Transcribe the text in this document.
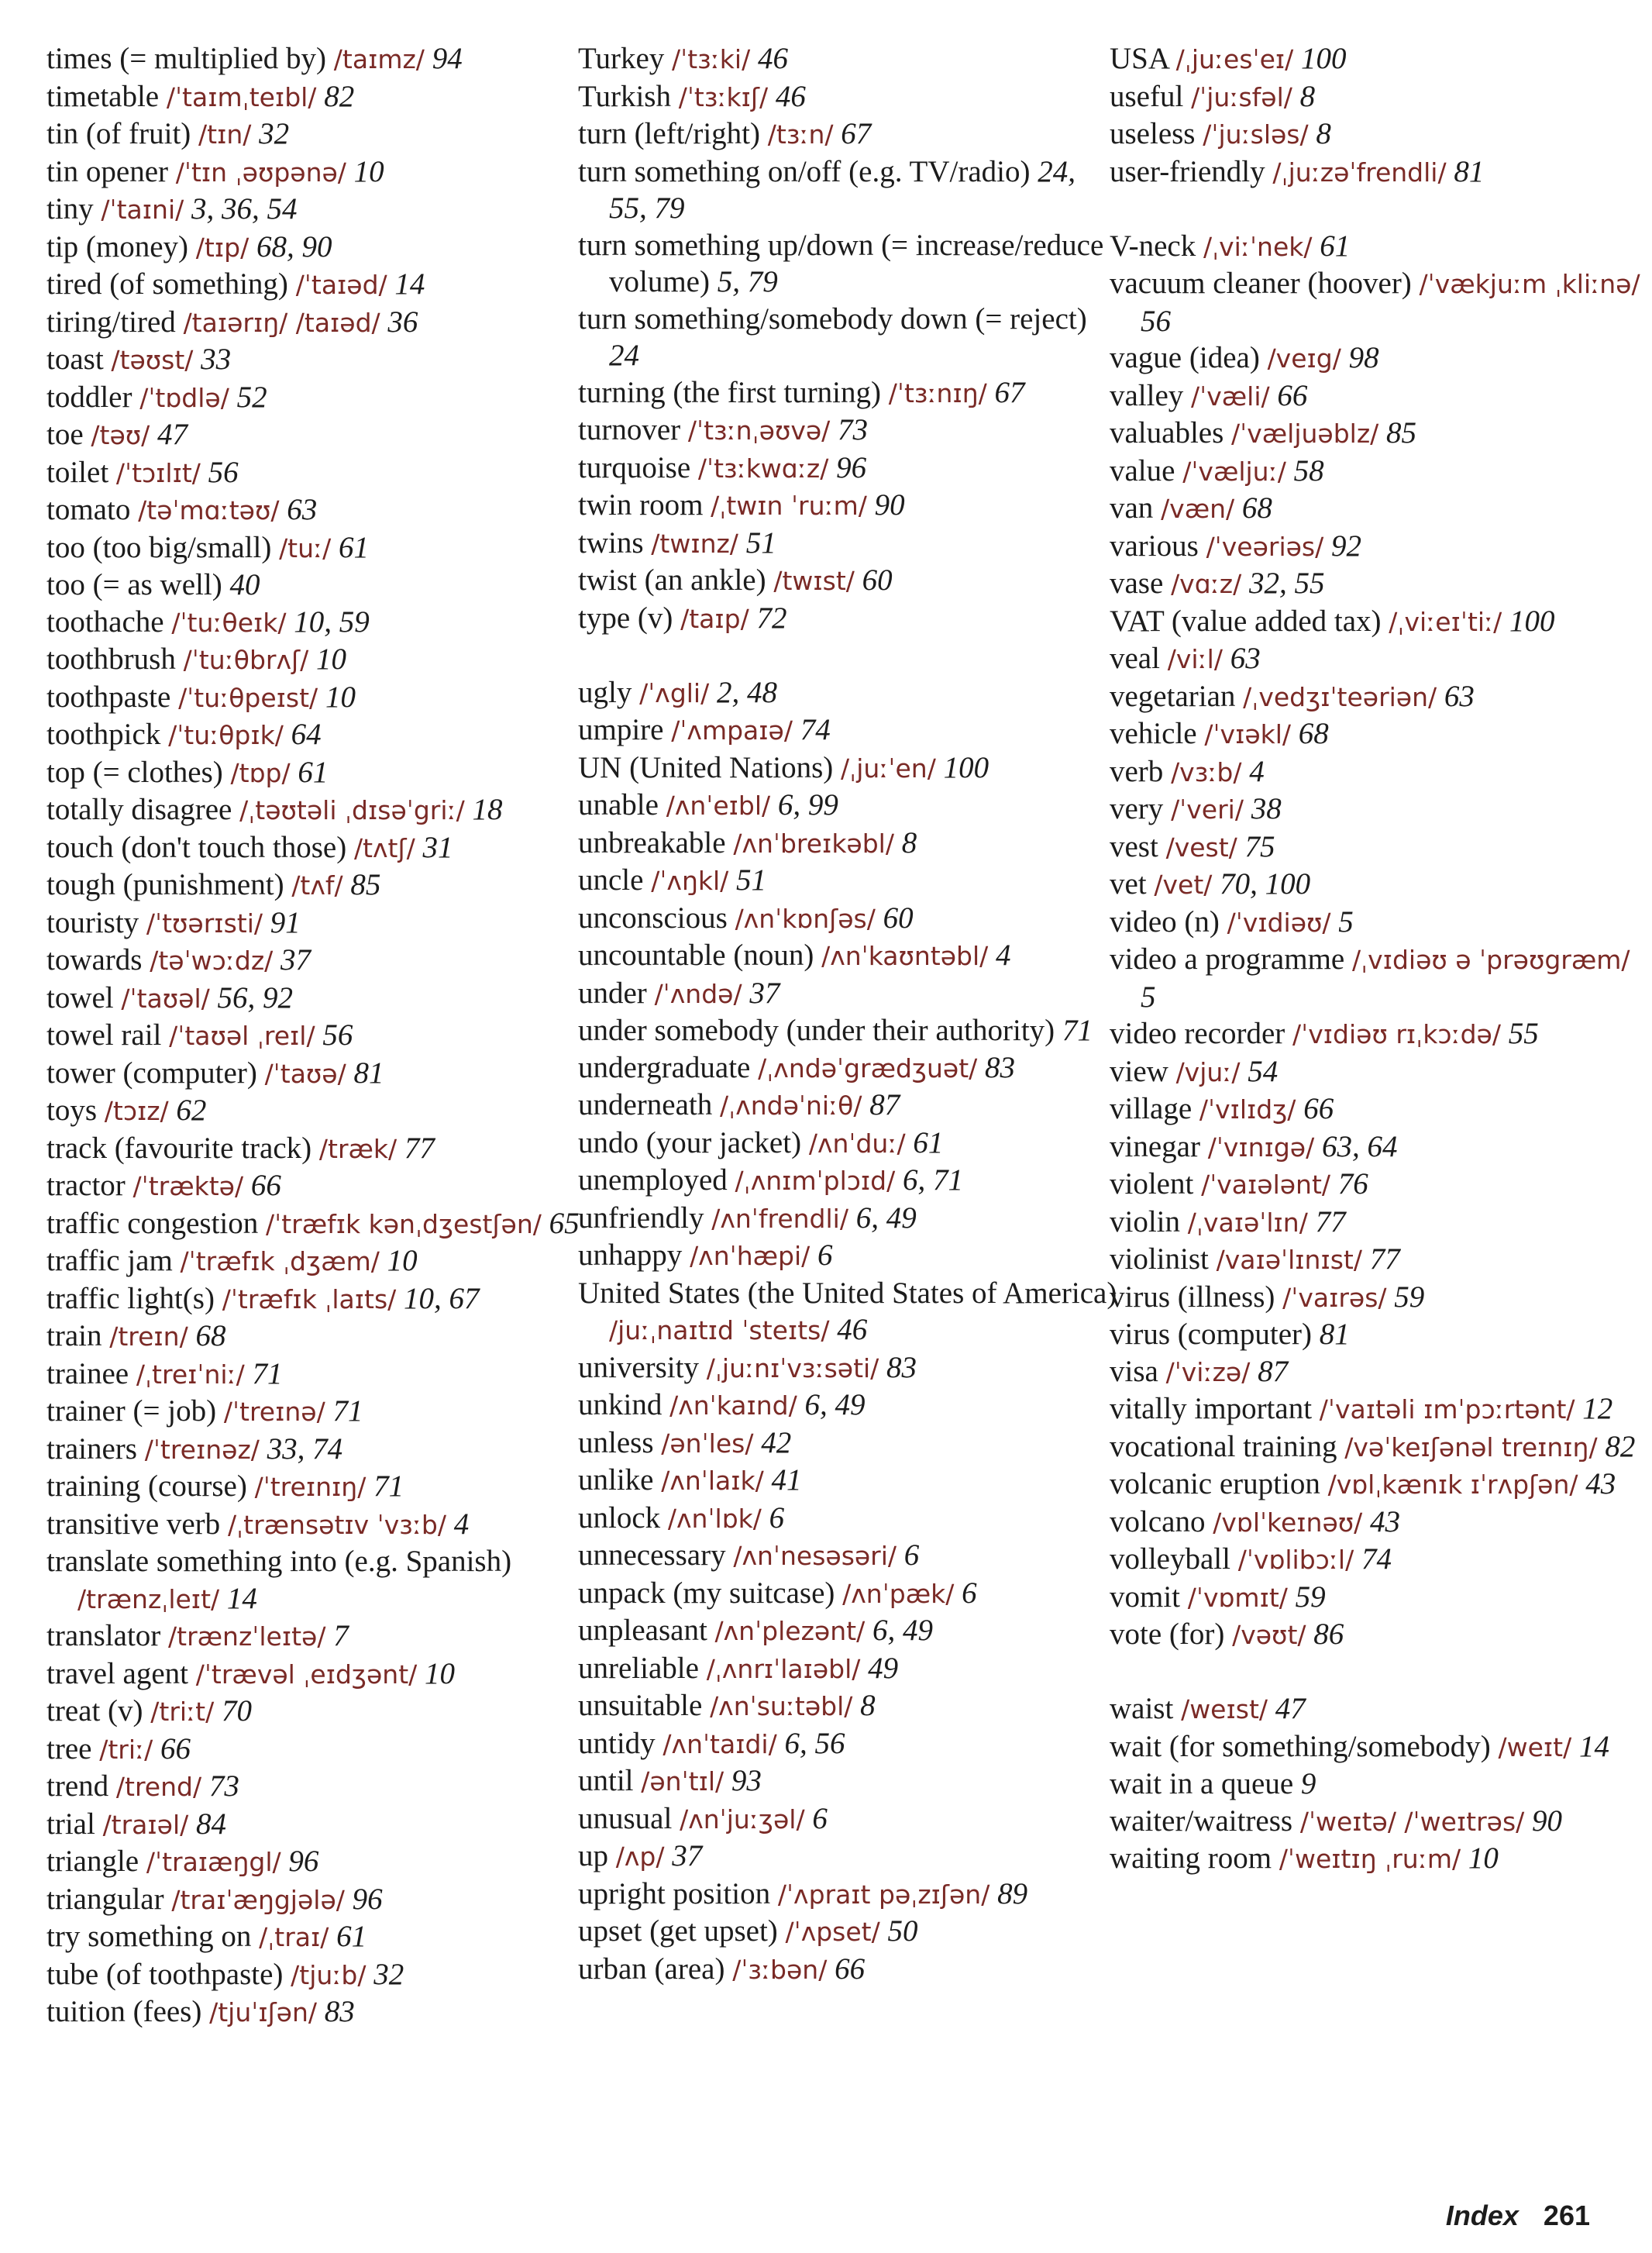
times (= multiplied by) /taɪmz/ 94
timetable /ˈtaɪmˌteɪbl/ 82
tin (of fruit) /tɪn/ 32
tin opener /ˈtɪn ˌəʊpənə/ 10
tiny /ˈtaɪni/ 3, 36, 54
tip (money) /tɪp/ 68, 90
tired (of something) /ˈtaɪəd/ 14
tiring/tired /taɪərɪŋ/ /taɪəd/ 36
toast /təʊst/ 33
toddler /ˈtɒdlə/ 52
toe /təʊ/ 47
toilet /ˈtɔɪlɪt/ 56
tomato /təˈmɑːtəʊ/ 63
too (too big/small) /tuː/ 61
too (= as well) 40
toothache /ˈtuːθeɪk/ 10, 59
toothbrush /ˈtuːθbrʌʃ/ 10
toothpaste /ˈtuːθpeɪst/ 10
toothpick /ˈtuːθpɪk/ 64
top (= clothes) /tɒp/ 61
totally disagree /ˌtəʊtəli ˌdɪsəˈgriː/ 18
touch (don't touch those) /tʌtʃ/ 31
tough (punishment) /tʌf/ 85
touristy /ˈtʊərɪsti/ 91
towards /təˈwɔːdz/ 37
towel /ˈtaʊəl/ 56, 92
towel rail /ˈtaʊəl ˌreɪl/ 56
tower (computer) /ˈtaʊə/ 81
toys /tɔɪz/ 62
track (favourite track) /træk/ 77
tractor /ˈtræktə/ 66
traffic congestion /ˈtræfɪk kənˌdʒestʃən/ 65
traffic jam /ˈtræfɪk ˌdʒæm/ 10
traffic light(s) /ˈtræfɪk ˌlaɪts/ 10, 67
train /treɪn/ 68
trainee /ˌtreɪˈniː/ 71
trainer (= job) /ˈtreɪnə/ 71
trainers /ˈtreɪnəz/ 33, 74
training (course) /ˈtreɪnɪŋ/ 71
transitive verb /ˌtrænsətɪv ˈvɜːb/ 4
translate something into (e.g. Spanish) /trænzˌleɪt/ 14
translator /trænzˈleɪtə/ 7
travel agent /ˈtrævəl ˌeɪdʒənt/ 10
treat (v) /triːt/ 70
tree /triː/ 66
trend /trend/ 73
trial /traɪəl/ 84
triangle /ˈtraɪæŋgl/ 96
triangular /traɪˈæŋgjələ/ 96
try something on /ˌtraɪ/ 61
tube (of toothpaste) /tjuːb/ 32
tuition (fees) /tjuˈɪʃən/ 83
Turkey /ˈtɜːki/ 46
Turkish /ˈtɜːkɪʃ/ 46
turn (left/right) /tɜːn/ 67
turn something on/off (e.g. TV/radio) 24, 55, 79
turn something up/down (= increase/reduce volume) 5, 79
turn something/somebody down (= reject) 24
turning (the first turning) /ˈtɜːnɪŋ/ 67
turnover /ˈtɜːnˌəʊvə/ 73
turquoise /ˈtɜːkwɑːz/ 96
twin room /ˌtwɪn ˈruːm/ 90
twins /twɪnz/ 51
twist (an ankle) /twɪst/ 60
type (v) /taɪp/ 72
ugly /ˈʌgli/ 2, 48
umpire /ˈʌmpaɪə/ 74
UN (United Nations) /ˌjuːˈen/ 100
unable /ʌnˈeɪbl/ 6, 99
unbreakable /ʌnˈbreɪkəbl/ 8
uncle /ˈʌŋkl/ 51
unconscious /ʌnˈkɒnʃəs/ 60
uncountable (noun) /ʌnˈkaʊntəbl/ 4
under /ˈʌndə/ 37
under somebody (under their authority) 71
undergraduate /ˌʌndəˈgrædʒuət/ 83
underneath /ˌʌndəˈniːθ/ 87
undo (your jacket) /ʌnˈduː/ 61
unemployed /ˌʌnɪmˈplɔɪd/ 6, 71
unfriendly /ʌnˈfrendli/ 6, 49
unhappy /ʌnˈhæpi/ 6
United States (the United States of America) /juːˌnaɪtɪd ˈsteɪts/ 46
university /ˌjuːnɪˈvɜːsəti/ 83
unkind /ʌnˈkaɪnd/ 6, 49
unless /ənˈles/ 42
unlike /ʌnˈlaɪk/ 41
unlock /ʌnˈlɒk/ 6
unnecessary /ʌnˈnesəsəri/ 6
unpack (my suitcase) /ʌnˈpæk/ 6
unpleasant /ʌnˈplezənt/ 6, 49
unreliable /ˌʌnrɪˈlaɪəbl/ 49
unsuitable /ʌnˈsuːtəbl/ 8
untidy /ʌnˈtaɪdi/ 6, 56
until /ənˈtɪl/ 93
unusual /ʌnˈjuːʒəl/ 6
up /ʌp/ 37
upright position /ˈʌpraɪt pəˌzɪʃən/ 89
upset (get upset) /ˈʌpset/ 50
urban (area) /ˈɜːbən/ 66
USA /ˌjuːesˈeɪ/ 100
useful /ˈjuːsfəl/ 8
useless /ˈjuːsləs/ 8
user-friendly /ˌjuːzəˈfrendli/ 81
V-neck /ˌviːˈnek/ 61
vacuum cleaner (hoover) /ˈvækjuːm ˌkliːnə/ 56
vague (idea) /veɪg/ 98
valley /ˈvæli/ 66
valuables /ˈvæljuəblz/ 85
value /ˈvæljuː/ 58
van /væn/ 68
various /ˈveəriəs/ 92
vase /vɑːz/ 32, 55
VAT (value added tax) /ˌviːeɪˈtiː/ 100
veal /viːl/ 63
vegetarian /ˌvedʒɪˈteəriən/ 63
vehicle /ˈvɪəkl/ 68
verb /vɜːb/ 4
very /ˈveri/ 38
vest /vest/ 75
vet /vet/ 70, 100
video (n) /ˈvɪdiəʊ/ 5
video a programme /ˌvɪdiəʊ ə ˈprəʊgræm/ 5
video recorder /ˈvɪdiəʊ rɪˌkɔːdə/ 55
view /vjuː/ 54
village /ˈvɪlɪdʒ/ 66
vinegar /ˈvɪnɪgə/ 63, 64
violent /ˈvaɪələnt/ 76
violin /ˌvaɪəˈlɪn/ 77
violinist /vaɪəˈlɪnɪst/ 77
virus (illness) /ˈvaɪrəs/ 59
virus (computer) 81
visa /ˈviːzə/ 87
vitally important /ˈvaɪtəli ɪmˈpɔːrtənt/ 12
vocational training /vəˈkeɪʃənəl treɪnɪŋ/ 82
volcanic eruption /vɒlˌkænɪk ɪˈrʌpʃən/ 43
volcano /vɒlˈkeɪnəʊ/ 43
volleyball /ˈvɒlibɔːl/ 74
vomit /ˈvɒmɪt/ 59
vote (for) /vəʊt/ 86
waist /weɪst/ 47
wait (for something/somebody) /weɪt/ 14
wait in a queue 9
waiter/waitress /ˈweɪtə/ /ˈweɪtrəs/ 90
waiting room /ˈweɪtɪŋ ˌruːm/ 10
Index 261
